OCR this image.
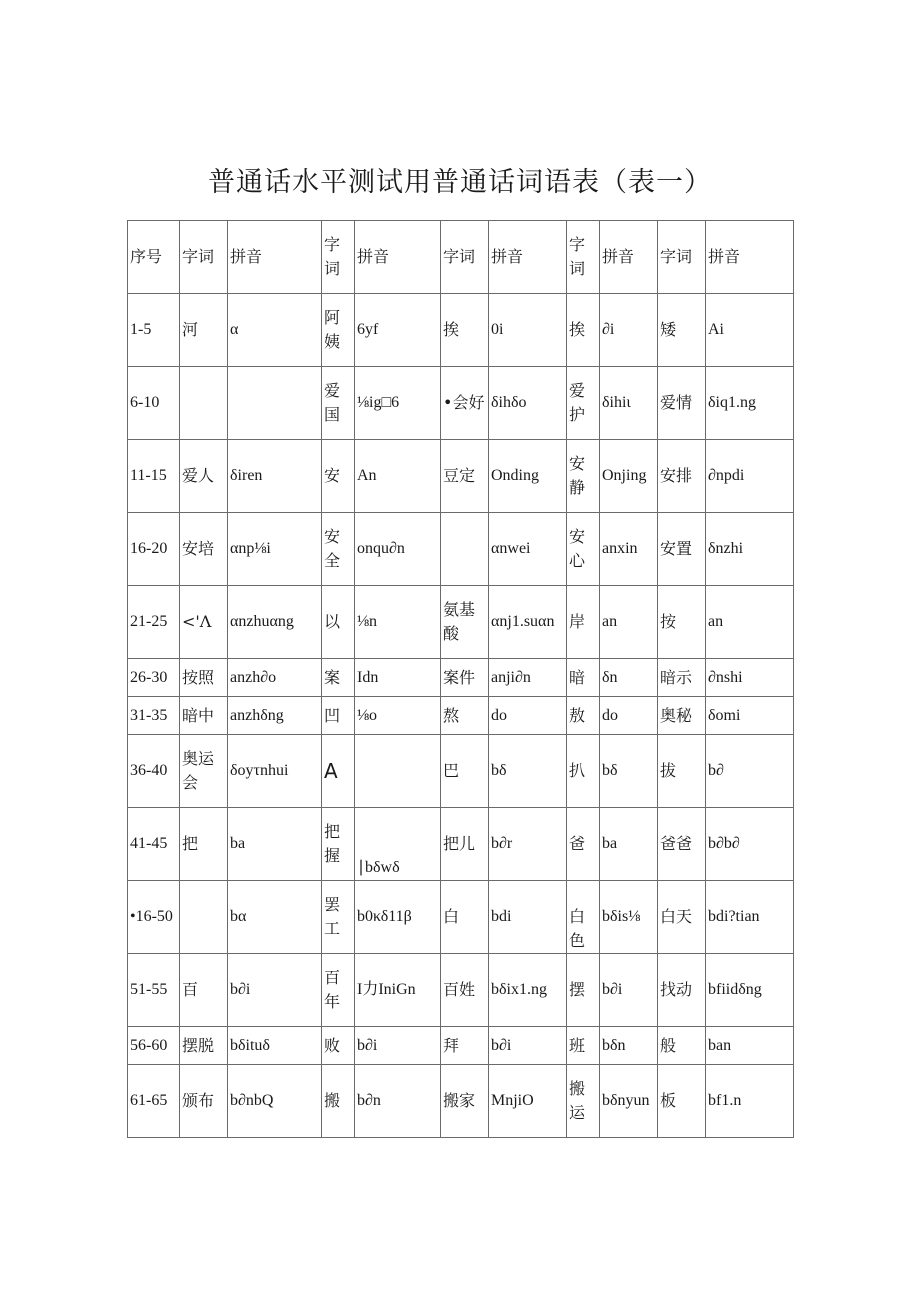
普通话水平测试用普通话词语表（表一）
序号	字词	拼音	字词	拼音	字词	拼音	字词	拼音	字词	拼音
1-5	河	α	阿姨	6yf	挨	0i	挨	∂i	矮	Ai
6-10			爱国	⅛ig□6	•会好	δihδo	爱护	δihiι	爱情	δiq1.ng
11-15	爱人	δiren	安	An	豆定	Onding	安静	Onjing	安排	∂npdi
16-20	安培	αnp⅛i	安全	onqu∂n		αnwei	安心	anxin	安置	δnzhi
21-25	<'Λ	αnzhuαng	以	⅛n	氨基酸	αnj1.suαn	岸	an	按	an
26-30	按照	anzh∂o	案	Idn	案件	anji∂n	暗	δn	暗示	∂nshi
31-35	暗中	anzhδng	凹	⅛o	熬	do	敖	do	奥秘	δomi
36-40	奥运会	δoyτnhui	A		巴	bδ	扒	bδ	拔	b∂
41-45	把	ba	把握	∣bδwδ	把儿	b∂r	爸	ba	爸爸	b∂b∂
•16-50		bα	罢工	b0κδ11β	白	bdi	白色	bδis⅛	白天	bdi?tian
51-55	百	b∂i	百年	I力IniGn	百姓	bδix1.ng	摆	b∂i	找动	bfiidδng
56-60	摆脱	bδituδ	败	b∂i	拜	b∂i	班	bδn	般	ban
61-65	颁布	b∂nbQ	搬	b∂n	搬家	MnjiO	搬运	bδnyun	板	bf1.n
